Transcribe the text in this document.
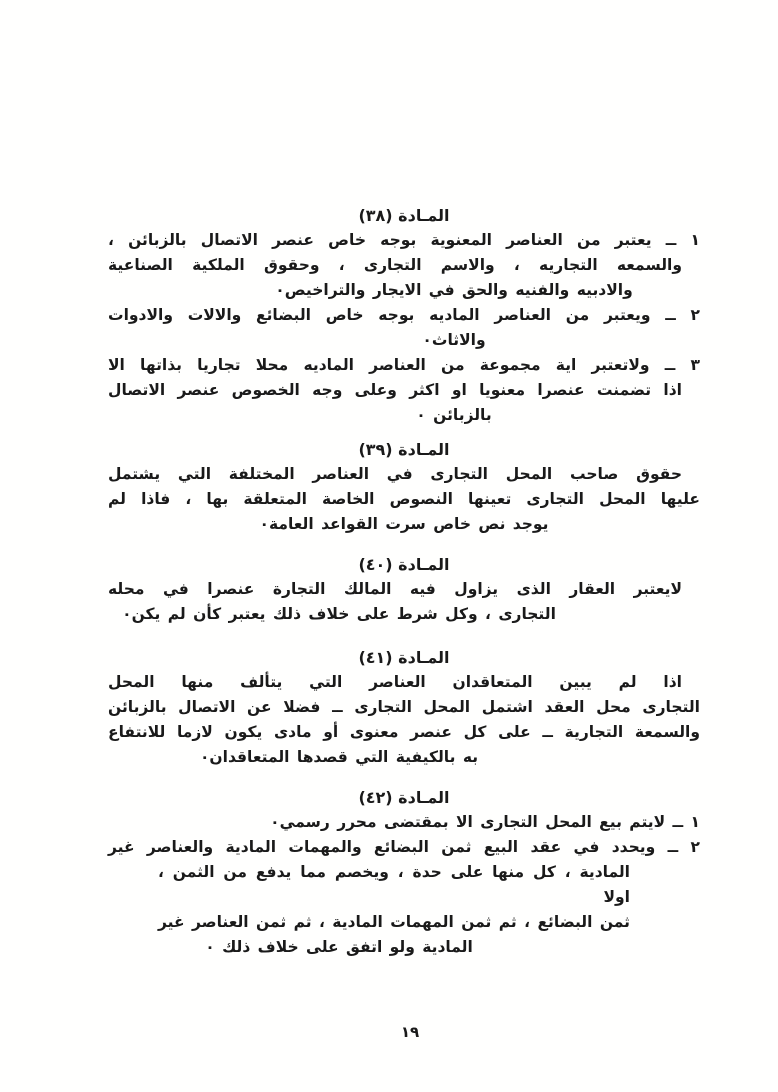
المـادة (٣٨)
١ ــ يعتبر من العناصر المعنوية بوجه خاص عنصر الاتصال بالزبائن ،
والسمعه التجاريه ، والاسم التجارى ، وحقوق الملكية الصناعية
والادبيه والفنيه والحق في الايجار والتراخيص٠
٢ ــ ويعتبر من العناصر الماديه بوجه خاص البضائع والالات والادوات
والاثاث٠
٣ ــ ولاتعتبر اية مجموعة من العناصر الماديه محلا تجاريا بذاتها الا
اذا تضمنت عنصرا معنويا او اكثر وعلى وجه الخصوص عنصر الاتصال
بالزبائن ٠
المـادة (٣٩)
حقوق صاحب المحل التجارى في العناصر المختلفة التي يشتمل
عليها المحل التجارى تعينها النصوص الخاصة المتعلقة بها ، فاذا لم
يوجد نص خاص سرت القواعد العامة٠
المـادة (٤٠)
لايعتبر العقار الذى يزاول فيه المالك التجارة عنصرا في محله
التجارى ، وكل شرط على خلاف ذلك يعتبر كأن لم يكن٠
المـادة (٤١)
اذا لم يبين المتعاقدان العناصر التي يتألف منها المحل
التجارى محل العقد اشتمل المحل التجارى ــ فضلا عن الاتصال بالزبائن
والسمعة التجارية ــ على كل عنصر معنوى أو مادى يكون لازما للانتفاع
به بالكيفية التي قصدها المتعاقدان٠
المـادة (٤٢)
١ ــ لايتم بيع المحل التجارى الا بمقتضى محرر رسمي٠
٢ ــ ويحدد في عقد البيع ثمن البضائع والمهمات المادية والعناصر غير
المادية ، كل منها على حدة ، ويخصم مما يدفع من الثمن ، اولا
ثمن البضائع ، ثم ثمن المهمات المادية ، ثم ثمن العناصر غير
المادية ولو اتفق على خلاف ذلك ٠
١٩
